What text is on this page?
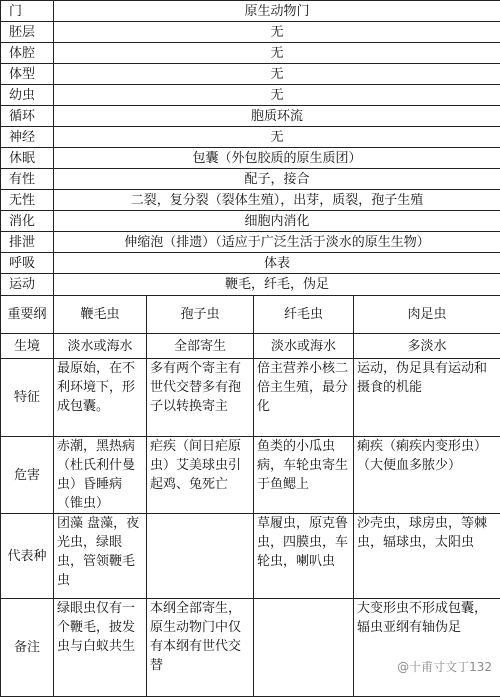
门	原生动物门			
胚层	无			
体腔	无			
体型	无			
幼虫	无			
循环	胞质环流			
神经	无			
休眠	包囊（外包胶质的原生质团）			
有性	配子，接合			
无性	二裂，复分裂（裂体生殖），出芽，质裂，孢子生殖			
消化	细胞内消化			
排泄	伸缩泡（排遗）（适应于广泛生活于淡水的原生生物）			
呼吸	体表			
运动	鞭毛，纤毛，伪足			
重要纲	鞭毛虫	孢子虫	纤毛虫	肉足虫
生境	淡水或海水	全部寄生	淡水或海水	多淡水
特征	最原始，在不利环境下，形成包囊。	多有两个寄主有世代交替多有孢子以转换寄主	倍主营养小核二倍主生殖，最分化	运动，伪足具有运动和摄食的机能
危害	赤潮，黑热病（杜氏利什曼虫）昏睡病（锥虫）	疟疾（间日疟原虫）艾美球虫引起鸡、兔死亡	鱼类的小瓜虫病，车轮虫寄生于鱼鳃上	痢疾（痢疾内变形虫）（大便血多脓少）
代表种	团藻 盘藻，夜光虫，绿眼虫，管领鞭毛虫		草履虫，原克鲁虫，四膜虫，车轮虫，喇叭虫	沙壳虫，球房虫，等棘虫，辐球虫，太阳虫
备注	绿眼虫仅有一个鞭毛，披发虫与白蚁共生	本纲全部寄生，原生动物门中仅有本纲有世代交替		大变形虫不形成包囊，辐虫亚纲有轴伪足
@十甫寸文丁132
